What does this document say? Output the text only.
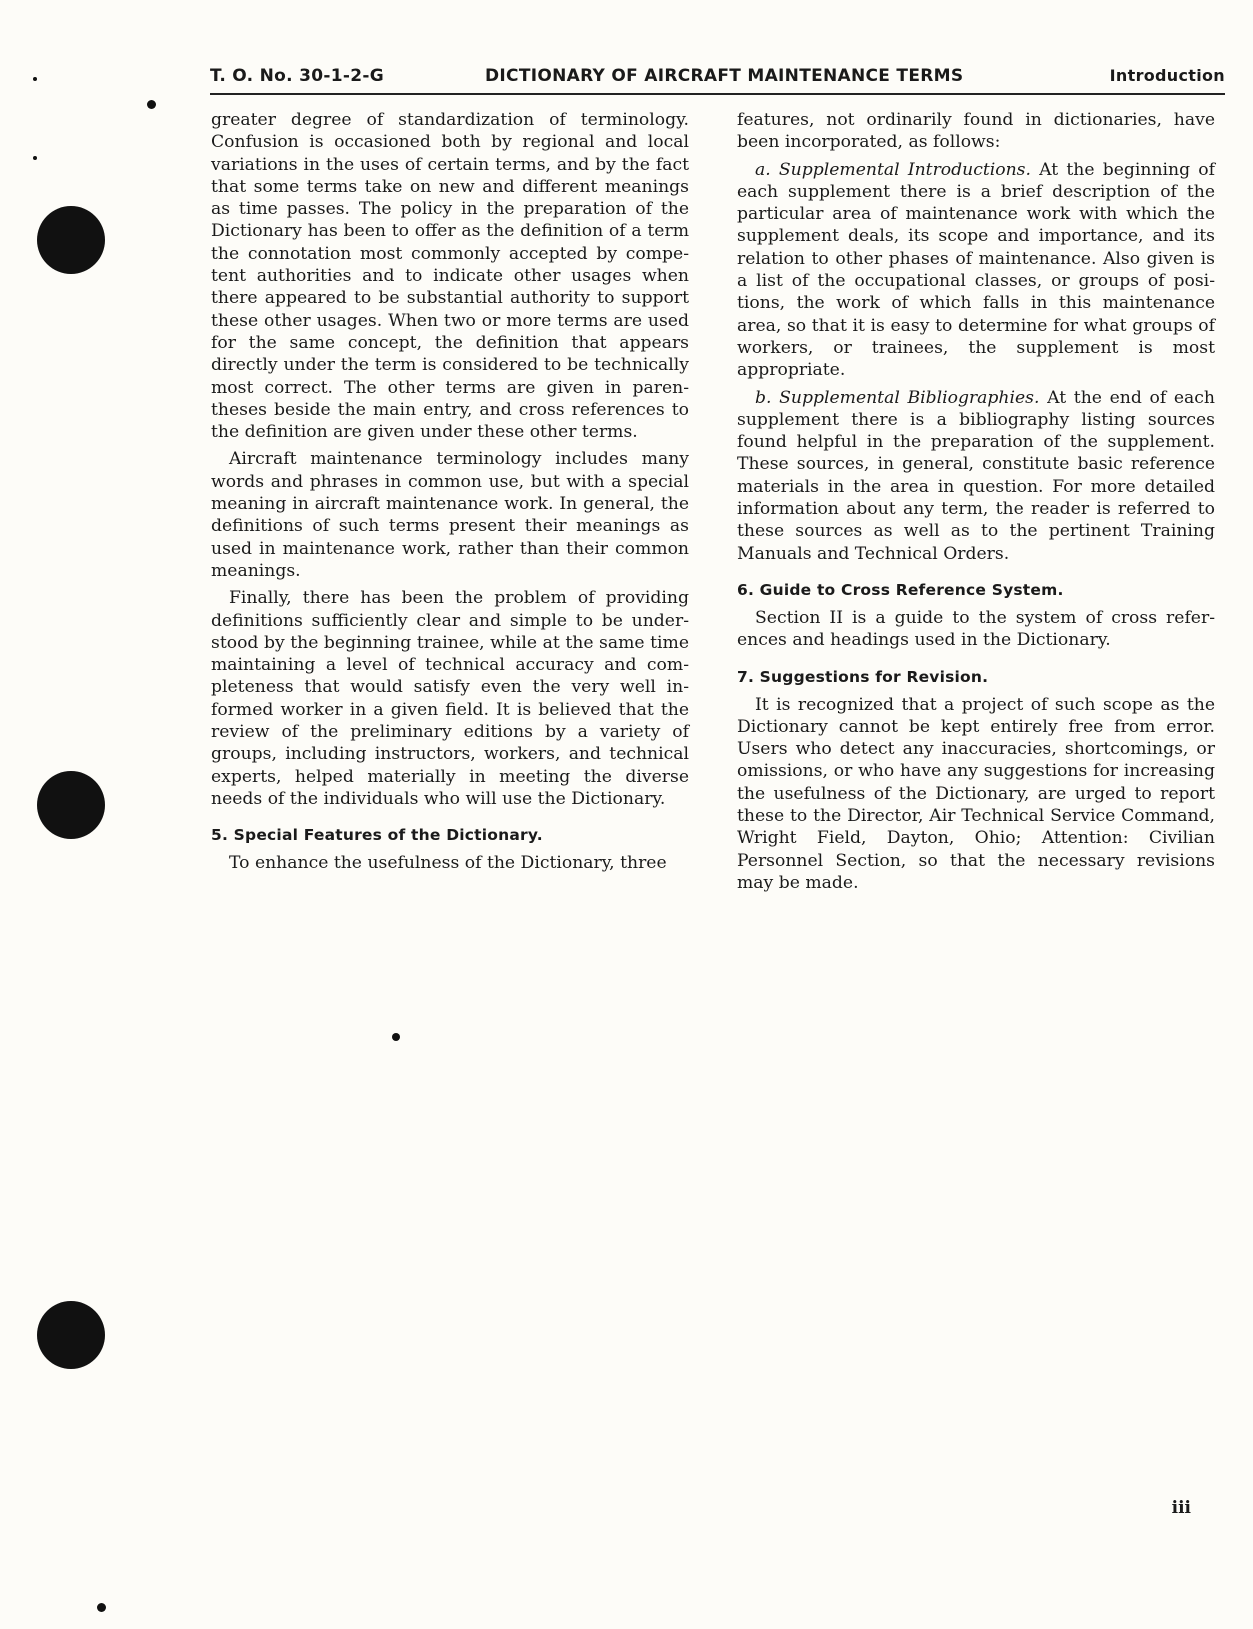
T. O. No. 30-1-2-G	DICTIONARY OF AIRCRAFT MAINTENANCE TERMS	Introduction

greater degree of standardization of terminology. Confusion is occasioned both by regional and local variations in the uses of certain terms, and by the fact that some terms take on new and different meanings as time passes. The policy in the preparation of the Dictionary has been to offer as the definition of a term the connotation most commonly accepted by competent authorities and to indicate other usages when there appeared to be substantial authority to support these other usages. When two or more terms are used for the same concept, the definition that appears directly under the term is considered to be technically most correct. The other terms are given in parentheses beside the main entry, and cross references to the definition are given under these other terms.

Aircraft maintenance terminology includes many words and phrases in common use, but with a special meaning in aircraft maintenance work. In general, the definitions of such terms present their meanings as used in maintenance work, rather than their common meanings.

Finally, there has been the problem of providing definitions sufficiently clear and simple to be understood by the beginning trainee, while at the same time maintaining a level of technical accuracy and completeness that would satisfy even the very well informed worker in a given field. It is believed that the review of the preliminary editions by a variety of groups, including instructors, workers, and technical experts, helped materially in meeting the diverse needs of the individuals who will use the Dictionary.

5. Special Features of the Dictionary.

To enhance the usefulness of the Dictionary, three

features, not ordinarily found in dictionaries, have been incorporated, as follows:

a. Supplemental Introductions. At the beginning of each supplement there is a brief description of the particular area of maintenance work with which the supplement deals, its scope and importance, and its relation to other phases of maintenance. Also given is a list of the occupational classes, or groups of positions, the work of which falls in this maintenance area, so that it is easy to determine for what groups of workers, or trainees, the supplement is most appropriate.

b. Supplemental Bibliographies. At the end of each supplement there is a bibliography listing sources found helpful in the preparation of the supplement. These sources, in general, constitute basic reference materials in the area in question. For more detailed information about any term, the reader is referred to these sources as well as to the pertinent Training Manuals and Technical Orders.

6. Guide to Cross Reference System.

Section II is a guide to the system of cross references and headings used in the Dictionary.

7. Suggestions for Revision.

It is recognized that a project of such scope as the Dictionary cannot be kept entirely free from error. Users who detect any inaccuracies, shortcomings, or omissions, or who have any suggestions for increasing the usefulness of the Dictionary, are urged to report these to the Director, Air Technical Service Command, Wright Field, Dayton, Ohio; Attention: Civilian Personnel Section, so that the necessary revisions may be made.

iii
